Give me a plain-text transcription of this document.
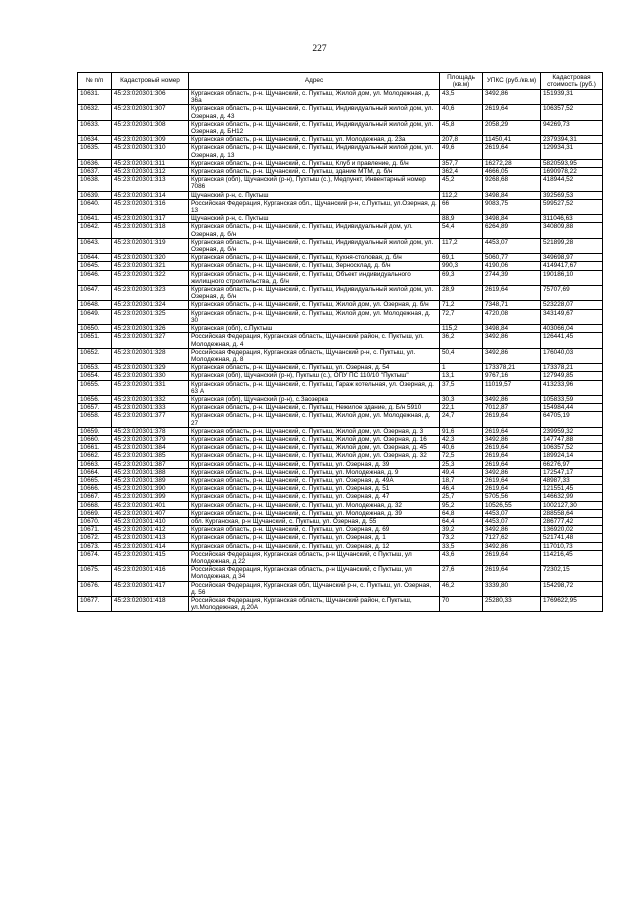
227
№ п/п	Кадастровый номер	Адрес	Площадь (кв.м)	УПКС (руб./кв.м)	Кадастровая стоимость (руб.)
10631.	45:23:020301:306	Курганская область, р-н. Щучанский, с. Пуктыш, Жилой дом, ул. Молодежная, д. 36а	43,5	3492,86	151939,31
10632.	45:23:020301:307	Курганская область, р-н. Щучанский, с. Пуктыш, Индивидуальный жилой дом, ул. Озерная, д. 43	40,6	2619,64	106357,52
10633.	45:23:020301:308	Курганская область, р-н. Щучанский, с. Пуктыш, Индивидуальный жилой дом, ул. Озерная, д. БН12	45,8	2058,29	94269,73
10634.	45:23:020301:309	Курганская область, р-н. Щучанский, с. Пуктыш, ул. Молодежная, д. 23а	207,8	11450,41	2379394,31
10635.	45:23:020301:310	Курганская область, р-н. Щучанский, с. Пуктыш, Индивидуальный жилой дом, ул. Озерная, д. 13	49,6	2619,64	129934,31
10636.	45:23:020301:311	Курганская область, р-н. Щучанский, с. Пуктыш, Клуб и правление, д. б/н	357,7	16272,28	5820593,95
10637.	45:23:020301:312	Курганская область, р-н. Щучанский, с. Пуктыш, здание МТМ, д. б/н	362,4	4666,05	1690978,22
10638.	45:23:020301:313	Курганская (обл), Щучанский (р-н), Пухтыш (с.), Медпункт, Инвентарный номер 7086	45,2	9268,68	418944,52
10639.	45:23:020301:314	Щучанский р-н, с. Пуктыш	112,2	3498,84	392569,53
10640.	45:23:020301:316	Российская Федерация, Курганская обл., Щучанский р-н, с.Пуктыш, ул.Озерная, д. 13	66	9083,75	599527,52
10641.	45:23:020301:317	Щучанский р-н, с. Пуктыш	88,9	3498,84	311046,63
10642.	45:23:020301:318	Курганская область, р-н. Щучанский, с. Пуктыш, Индивидуальный дом, ул. Озерная, д. б/н	54,4	6264,89	340809,88
10643.	45:23:020301:319	Курганская область, р-н. Щучанский, с. Пуктыш, Индивидуальный жилой дом, ул. Озерная, д. б/н	117,2	4453,07	521899,28
10644.	45:23:020301:320	Курганская область, р-н. Щучанский, с. Пуктыш, Кухня-столовая, д. б/н	69,1	5060,77	349698,97
10645.	45:23:020301:321	Курганская область, р-н. Щучанский, с. Пуктыш, Зерносклад, д. б/н	990,3	4190,06	4149417,67
10646.	45:23:020301:322	Курганская область, р-н. Щучанский, с. Пуктыш, Объект индивидуального жилищного строительства, д. б/н	69,3	2744,39	190186,10
10647.	45:23:020301:323	Курганская область, р-н. Щучанский, с. Пуктыш, Индивидуальный жилой дом, ул. Озерная, д. б/н	28,9	2619,64	75707,69
10648.	45:23:020301:324	Курганская область, р-н. Щучанский, с. Пуктыш, Жилой дом, ул. Озерная, д. б/н	71,2	7348,71	523228,07
10649.	45:23:020301:325	Курганская область, р-н. Щучанский, с. Пуктыш, Жилой дом, ул. Молодежная, д. 30	72,7	4720,08	343149,67
10650.	45:23:020301:326	Курганская (обл), с.Пуктыш	115,2	3498,84	403066,04
10651.	45:23:020301:327	Российская Федерация, Курганская область, Щучанский район, с. Пуктыш, ул. Молодежная, д. 4	36,2	3492,86	126441,45
10652.	45:23:020301:328	Российская Федерация, Курганская область, Щучанский р-н, с. Пуктыш, ул. Молодежная, д. 8	50,4	3492,86	176040,03
10653.	45:23:020301:329	Курганская область, р-н. Щучанский, с. Пуктыш, ул. Озерная, д. 54	1	173378,21	173378,21
10654.	45:23:020301:330	Курганская (обл), Щучанский (р-н), Пуктыш (с.), ОПУ ПС 110/10 "Пуктыш"	13,1	9767,16	127949,85
10655.	45:23:020301:331	Курганская область, р-н. Щучанский, с. Пуктыш, Гараж котельная, ул. Озерная, д. 63 А	37,5	11019,57	413233,96
10656.	45:23:020301:332	Курганская (обл), Щучанский (р-н), с.Заозерка	30,3	3492,86	105833,59
10657.	45:23:020301:333	Курганская область, р-н. Щучанский, с. Пуктыш, Нежилое здание, д. Б/н 5910	22,1	7012,87	154984,44
10658.	45:23:020301:377	Курганская область, р-н. Щучанский, с. Пуктыш, Жилой дом, ул. Молодежная, д. 27	24,7	2619,64	64705,19
10659.	45:23:020301:378	Курганская область, р-н. Щучанский, с. Пуктыш, Жилой дом, ул. Озерная, д. 3	91,6	2619,64	239959,32
10660.	45:23:020301:379	Курганская область, р-н. Щучанский, с. Пуктыш, Жилой дом, ул. Озерная, д. 16	42,3	3492,86	147747,88
10661.	45:23:020301:384	Курганская область, р-н. Щучанский, с. Пуктыш, Жилой дом, ул. Озерная, д. 45	40,6	2619,64	106357,52
10662.	45:23:020301:385	Курганская область, р-н. Щучанский, с. Пуктыш, Жилой дом, ул. Озерная, д. 32	72,5	2619,64	189924,14
10663.	45:23:020301:387	Курганская область, р-н. Щучанский, с. Пуктыш, ул. Озерная, д. 39	25,3	2619,64	66276,97
10664.	45:23:020301:388	Курганская область, р-н. Щучанский, с. Пуктыш, ул. Молодежная, д. 9	49,4	3492,86	172547,17
10665.	45:23:020301:389	Курганская область, р-н. Щучанский, с. Пуктыш, ул. Озерная, д. 49А	18,7	2619,64	48987,33
10666.	45:23:020301:390	Курганская область, р-н. Щучанский, с. Пуктыш, ул. Озерная, д. 51	46,4	2619,64	121551,45
10667.	45:23:020301:399	Курганская область, р-н. Щучанский, с. Пуктыш, ул. Озерная, д. 47	25,7	5705,56	146632,99
10668.	45:23:020301:401	Курганская область, р-н. Щучанский, с. Пуктыш, ул. Молодежная, д. 32	95,2	10526,55	1002127,30
10669.	45:23:020301:407	Курганская область, р-н. Щучанский, с. Пуктыш, ул. Молодежная, д. 39	64,8	4453,07	288558,64
10670.	45:23:020301:410	обл. Курганская, р-н Щучанский, с. Пуктыш, ул. Озерная, д. 55	64,4	4453,07	286777,42
10671.	45:23:020301:412	Курганская область, р-н. Щучанский, с. Пуктыш, ул. Озерная, д. 69	39,2	3492,86	136920,02
10672.	45:23:020301:413	Курганская область, р-н. Щучанский, с. Пуктыш, ул. Озерная, д. 1	73,2	7127,62	521741,48
10673.	45:23:020301:414	Курганская область, р-н. Щучанский, с. Пуктыш, ул. Озерная, д. 12	33,5	3492,86	117010,73
10674.	45:23:020301:415	Российская Федерация, Курганская область, р-н Щучанский, с Пуктыш, ул Молодежная, д 22	43,6	2619,64	114216,45
10675.	45:23:020301:416	Российская Федерация, Курганская область, р-н Щучанский, с Пуктыш, ул Молодежная, д 34	27,6	2619,64	72302,15
10676.	45:23:020301:417	Российская Федерация, Курганская обл, Щучанский р-н, с. Пуктыш, ул. Озерная, д. 56	46,2	3339,80	154298,72
10677.	45:23:020301:418	Российская Федерация, Курганская область, Щучанский район, с.Пуктыш, ул.Молодежная, д.20А	70	25280,33	1769622,95
